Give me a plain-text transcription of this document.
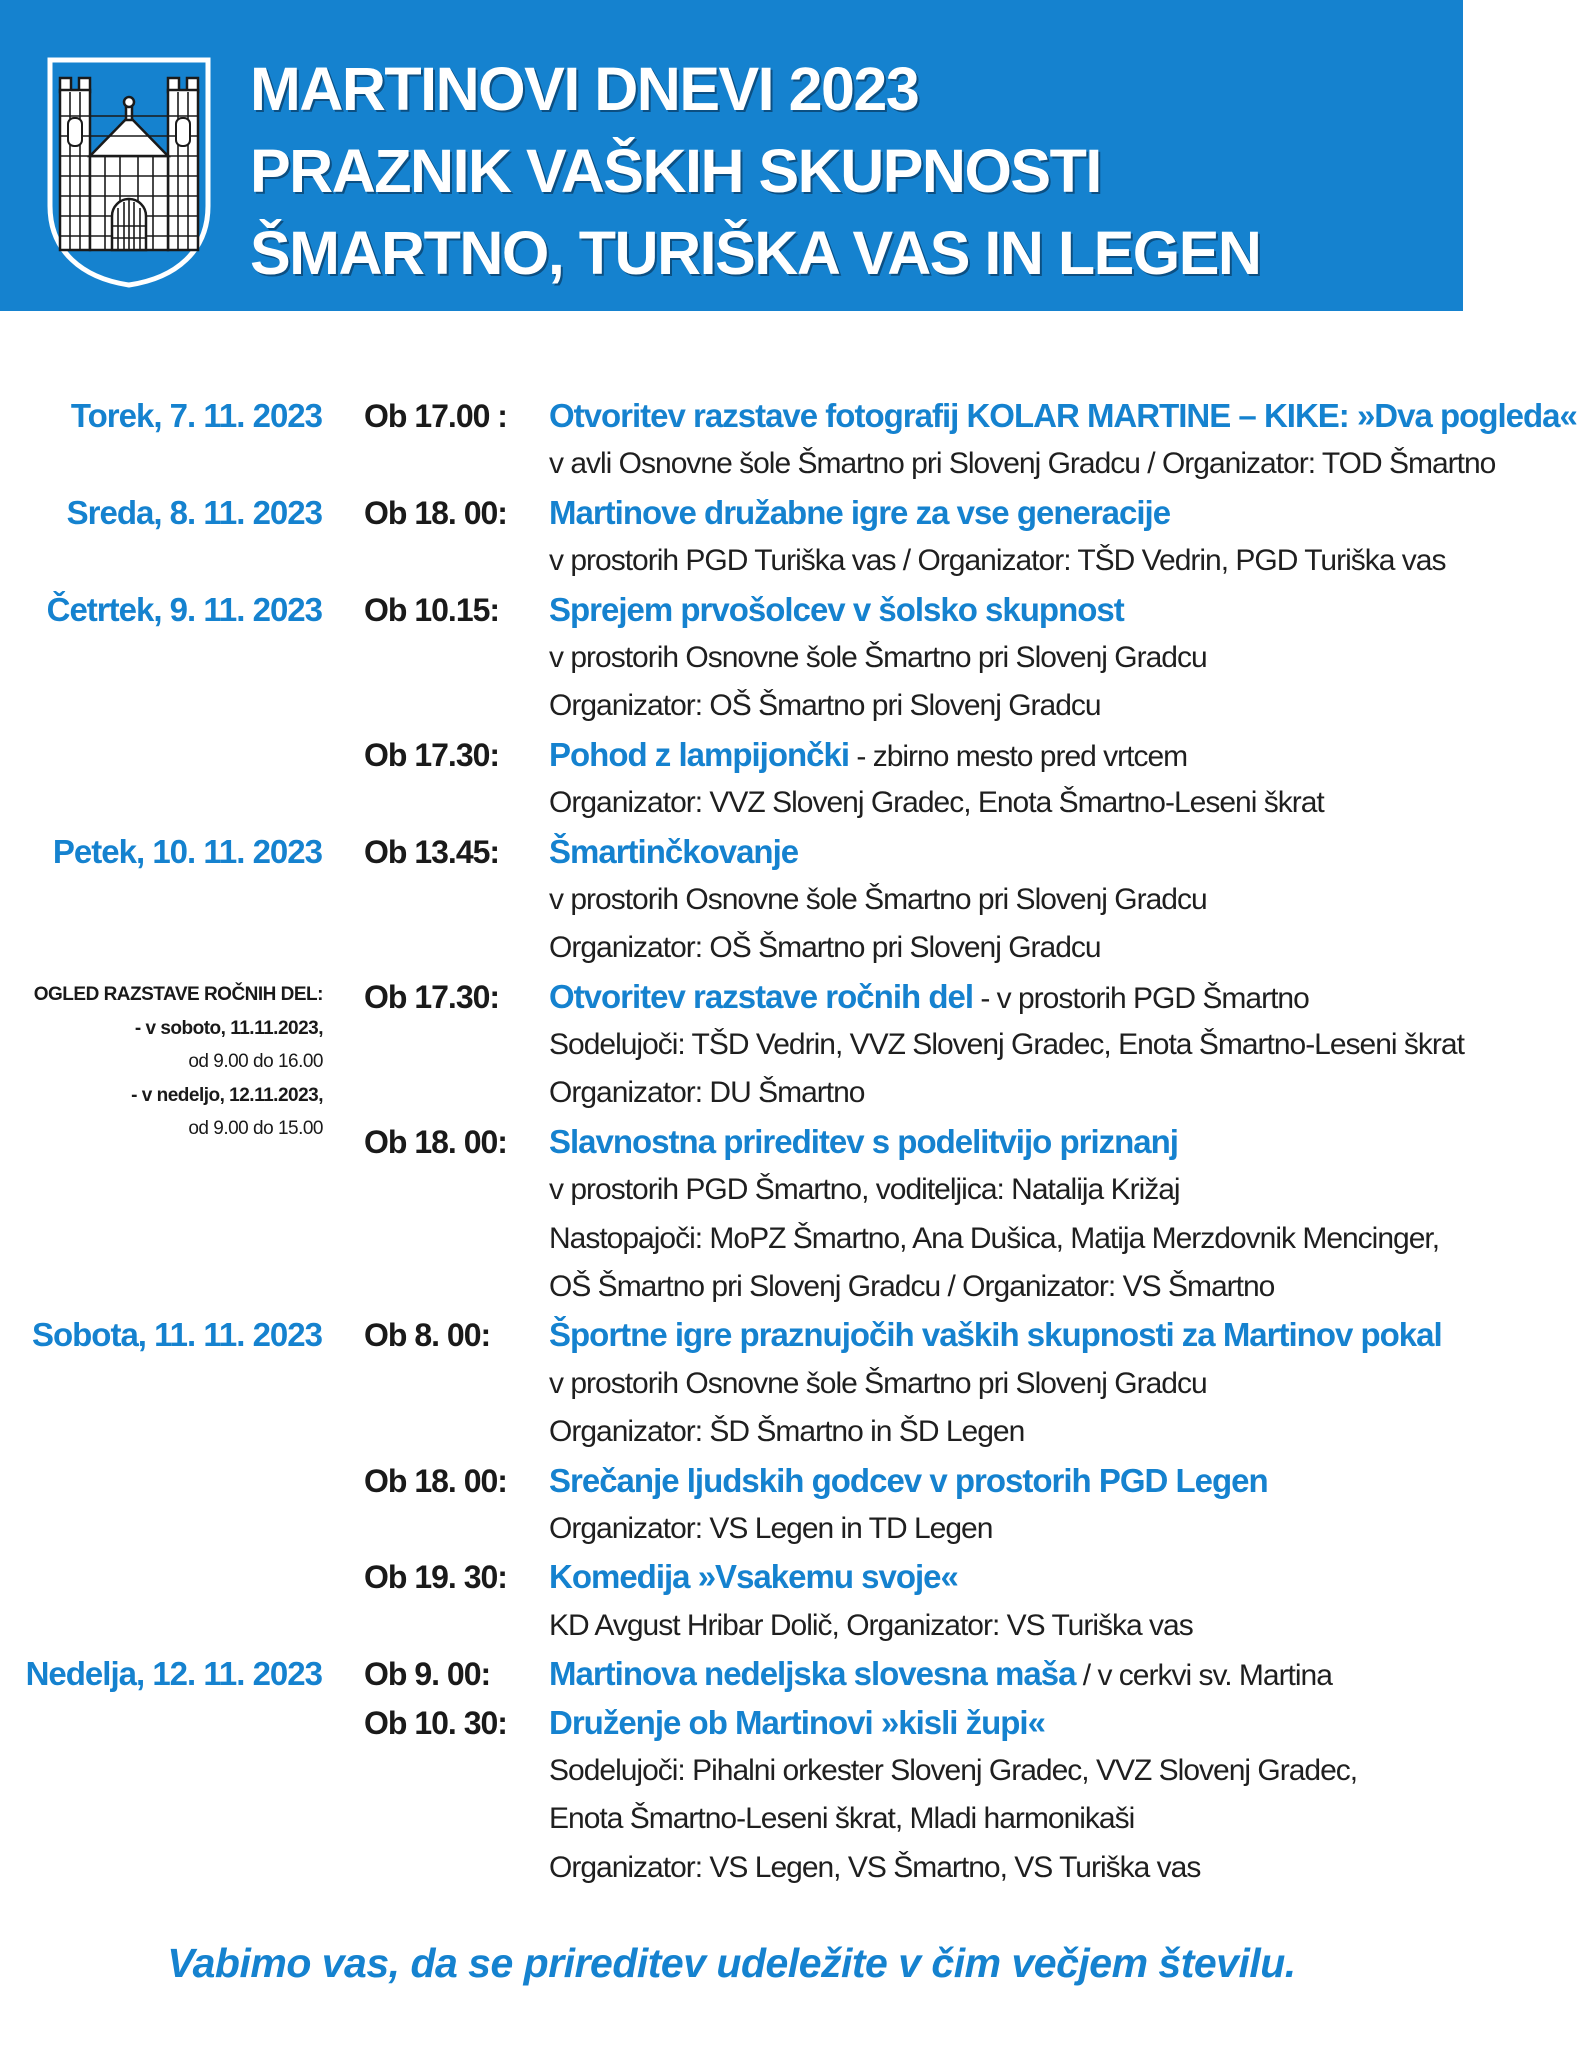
MARTINOVI DNEVI 2023
PRAZNIK VAŠKIH SKUPNOSTI
ŠMARTNO, TURIŠKA VAS IN LEGEN
Torek, 7. 11. 2023 Ob 17.00 : Otvoritev razstave fotografij KOLAR MARTINE – KIKE: »Dva pogleda«
v avli Osnovne šole Šmartno pri Slovenj Gradcu / Organizator: TOD Šmartno
Sreda, 8. 11. 2023 Ob 18. 00: Martinove družabne igre za vse generacije
v prostorih PGD Turiška vas / Organizator: TŠD Vedrin, PGD Turiška vas
Četrtek, 9. 11. 2023 Ob 10.15: Sprejem prvošolcev v šolsko skupnost
v prostorih Osnovne šole Šmartno pri Slovenj Gradcu
Organizator: OŠ Šmartno pri Slovenj Gradcu
Ob 17.30: Pohod z lampijončki - zbirno mesto pred vrtcem
Organizator: VVZ Slovenj Gradec, Enota Šmartno-Leseni škrat
Petek, 10. 11. 2023 Ob 13.45: Šmartinčkovanje
v prostorih Osnovne šole Šmartno pri Slovenj Gradcu
Organizator: OŠ Šmartno pri Slovenj Gradcu
Ob 17.30: Otvoritev razstave ročnih del - v prostorih PGD Šmartno
Sodelujoči: TŠD Vedrin, VVZ Slovenj Gradec, Enota Šmartno-Leseni škrat
Organizator: DU Šmartno
Ob 18. 00: Slavnostna prireditev s podelitvijo priznanj
v prostorih PGD Šmartno, voditeljica: Natalija Križaj
Nastopajoči: MoPZ Šmartno, Ana Dušica, Matija Merzdovnik Mencinger,
OŠ Šmartno pri Slovenj Gradcu / Organizator: VS Šmartno
Sobota, 11. 11. 2023 Ob 8. 00: Športne igre praznujočih vaških skupnosti za Martinov pokal
v prostorih Osnovne šole Šmartno pri Slovenj Gradcu
Organizator: ŠD Šmartno in ŠD Legen
Ob 18. 00: Srečanje ljudskih godcev v prostorih PGD Legen
Organizator: VS Legen in TD Legen
Ob 19. 30: Komedija »Vsakemu svoje«
KD Avgust Hribar Dolič, Organizator: VS Turiška vas
Nedelja, 12. 11. 2023 Ob 9. 00: Martinova nedeljska slovesna maša / v cerkvi sv. Martina
Ob 10. 30: Druženje ob Martinovi »kisli župi«
Sodelujoči: Pihalni orkester Slovenj Gradec, VVZ Slovenj Gradec,
Enota Šmartno-Leseni škrat, Mladi harmonikaši
Organizator: VS Legen, VS Šmartno, VS Turiška vas
OGLED RAZSTAVE ROČNIH DEL:
- v soboto, 11.11.2023,
od 9.00 do 16.00
- v nedeljo, 12.11.2023,
od 9.00 do 15.00
Vabimo vas, da se prireditev udeležite v čim večjem številu.
